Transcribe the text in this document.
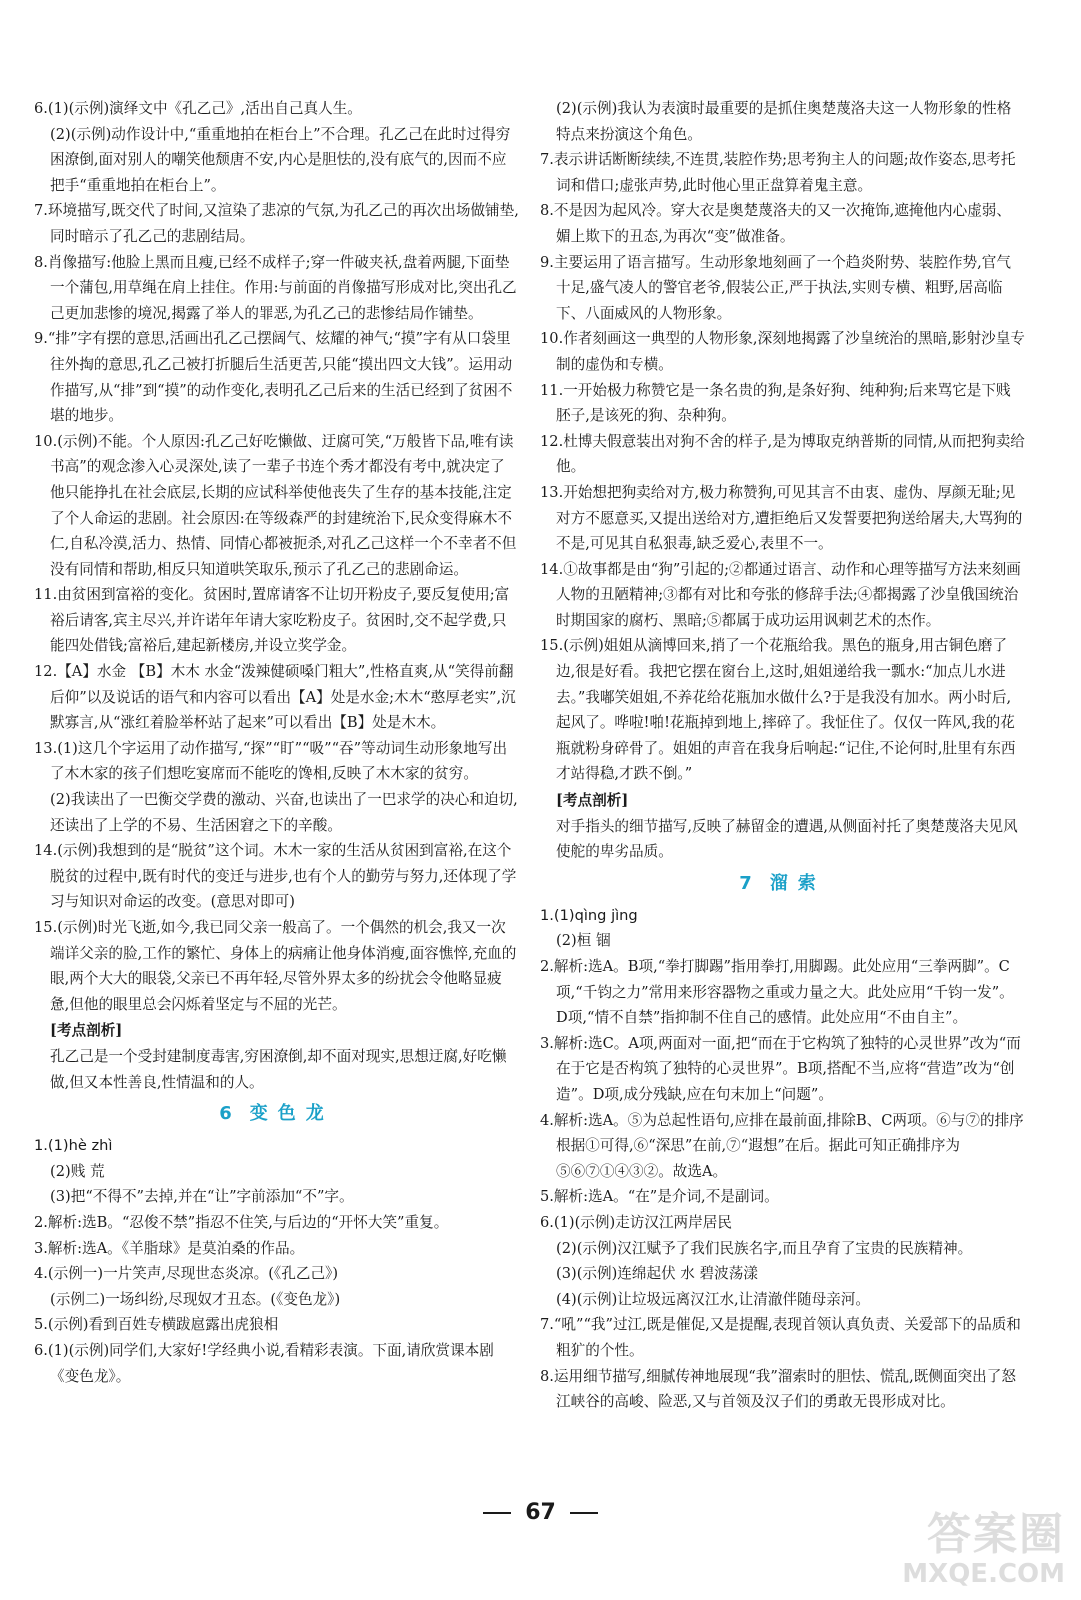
6.(1)(示例)演绎文中《孔乙己》,活出自己真人生。

(2)(示例)动作设计中,“重重地拍在柜台上”不合理。孔乙己在此时过得穷困潦倒,面对别人的嘲笑他颓唐不安,内心是胆怯的,没有底气的,因而不应把手“重重地拍在柜台上”。

7.环境描写,既交代了时间,又渲染了悲凉的气氛,为孔乙己的再次出场做铺垫,同时暗示了孔乙己的悲剧结局。

8.肖像描写:他脸上黑而且瘦,已经不成样子;穿一件破夹袄,盘着两腿,下面垫一个蒲包,用草绳在肩上挂住。作用:与前面的肖像描写形成对比,突出孔乙己更加悲惨的境况,揭露了举人的罪恶,为孔乙己的悲惨结局作铺垫。

9.“排”字有摆的意思,活画出孔乙己摆阔气、炫耀的神气;“摸”字有从口袋里往外掏的意思,孔乙己被打折腿后生活更苦,只能“摸出四文大钱”。运用动作描写,从“排”到“摸”的动作变化,表明孔乙己后来的生活已经到了贫困不堪的地步。

10.(示例)不能。个人原因:孔乙己好吃懒做、迂腐可笑,“万般皆下品,唯有读书高”的观念渗入心灵深处,读了一辈子书连个秀才都没有考中,就决定了他只能挣扎在社会底层,长期的应试科举使他丧失了生存的基本技能,注定了个人命运的悲剧。社会原因:在等级森严的封建统治下,民众变得麻木不仁,自私冷漠,活力、热情、同情心都被扼杀,对孔乙己这样一个不幸者不但没有同情和帮助,相反只知道哄笑取乐,预示了孔乙己的悲剧命运。

11.由贫困到富裕的变化。贫困时,置席请客不让切开粉皮子,要反复使用;富裕后请客,宾主尽兴,并许诺年年请大家吃粉皮子。贫困时,交不起学费,只能四处借钱;富裕后,建起新楼房,并设立奖学金。

12.【A】水金 【B】木木 水金“泼辣健硕嗓门粗大”,性格直爽,从“笑得前翻后仰”以及说话的语气和内容可以看出【A】处是水金;木木“憨厚老实”,沉默寡言,从“涨红着脸举杯站了起来”可以看出【B】处是木木。

13.(1)这几个字运用了动作描写,“探”“盯”“吸”“吞”等动词生动形象地写出了木木家的孩子们想吃宴席而不能吃的馋相,反映了木木家的贫穷。

(2)我读出了一巴衡交学费的激动、兴奋,也读出了一巴求学的决心和迫切,还读出了上学的不易、生活困窘之下的辛酸。

14.(示例)我想到的是“脱贫”这个词。木木一家的生活从贫困到富裕,在这个脱贫的过程中,既有时代的变迁与进步,也有个人的勤劳与努力,还体现了学习与知识对命运的改变。(意思对即可)

15.(示例)时光飞逝,如今,我已同父亲一般高了。一个偶然的机会,我又一次端详父亲的脸,工作的繁忙、身体上的病痛让他身体消瘦,面容憔悴,充血的眼,两个大大的眼袋,父亲已不再年轻,尽管外界太多的纷扰会令他略显疲惫,但他的眼里总会闪烁着坚定与不屈的光芒。

[考点剖析]

孔乙己是一个受封建制度毒害,穷困潦倒,却不面对现实,思想迂腐,好吃懒做,但又本性善良,性情温和的人。

6 变色龙

1.(1)hè zhì

(2)贱 荒

(3)把“不得不”去掉,并在“让”字前添加“不”字。

2.解析:选B。“忍俊不禁”指忍不住笑,与后边的“开怀大笑”重复。

3.解析:选A。《羊脂球》是莫泊桑的作品。

4.(示例一)一片笑声,尽现世态炎凉。(《孔乙己》)

(示例二)一场纠纷,尽现奴才丑态。(《变色龙》)

5.(示例)看到百姓专横跋扈露出虎狼相

6.(1)(示例)同学们,大家好!学经典小说,看精彩表演。下面,请欣赏课本剧《变色龙》。

(2)(示例)我认为表演时最重要的是抓住奥楚蔑洛夫这一人物形象的性格特点来扮演这个角色。

7.表示讲话断断续续,不连贯,装腔作势;思考狗主人的问题;故作姿态,思考托词和借口;虚张声势,此时他心里正盘算着鬼主意。

8.不是因为起风冷。穿大衣是奥楚蔑洛夫的又一次掩饰,遮掩他内心虚弱、媚上欺下的丑态,为再次“变”做准备。

9.主要运用了语言描写。生动形象地刻画了一个趋炎附势、装腔作势,官气十足,盛气凌人的警官老爷,假装公正,严于执法,实则专横、粗野,居高临下、八面威风的人物形象。

10.作者刻画这一典型的人物形象,深刻地揭露了沙皇统治的黑暗,影射沙皇专制的虚伪和专横。

11.一开始极力称赞它是一条名贵的狗,是条好狗、纯种狗;后来骂它是下贱胚子,是该死的狗、杂种狗。

12.杜博夫假意装出对狗不舍的样子,是为博取克纳普斯的同情,从而把狗卖给他。

13.开始想把狗卖给对方,极力称赞狗,可见其言不由衷、虚伪、厚颜无耻;见对方不愿意买,又提出送给对方,遭拒绝后又发誓要把狗送给屠夫,大骂狗的不是,可见其自私狠毒,缺乏爱心,表里不一。

14.①故事都是由“狗”引起的;②都通过语言、动作和心理等描写方法来刻画人物的丑陋精神;③都有对比和夸张的修辞手法;④都揭露了沙皇俄国统治时期国家的腐朽、黑暗;⑤都属于成功运用讽刺艺术的杰作。

15.(示例)姐姐从滴博回来,捎了一个花瓶给我。黑色的瓶身,用古铜色磨了边,很是好看。我把它摆在窗台上,这时,姐姐递给我一瓢水:“加点儿水进去。”我嘟笑姐姐,不养花给花瓶加水做什么?于是我没有加水。两小时后,起风了。哗啦!啪!花瓶掉到地上,摔碎了。我怔住了。仅仅一阵风,我的花瓶就粉身碎骨了。姐姐的声音在我身后响起:“记住,不论何时,肚里有东西才站得稳,才跌不倒。”

[考点剖析]

对手指头的细节描写,反映了赫留金的遭遇,从侧面衬托了奥楚蔑洛夫见风使舵的卑劣品质。

7 溜索

1.(1)qìng jìng

(2)桓 锢

2.解析:选A。B项,“拳打脚踢”指用拳打,用脚踢。此处应用“三拳两脚”。C项,“千钧之力”常用来形容器物之重或力量之大。此处应用“千钧一发”。D项,“情不自禁”指抑制不住自己的感情。此处应用“不由自主”。

3.解析:选C。A项,两面对一面,把“而在于它构筑了独特的心灵世界”改为“而在于它是否构筑了独特的心灵世界”。B项,搭配不当,应将“营造”改为“创造”。D项,成分残缺,应在句末加上“问题”。

4.解析:选A。⑤为总起性语句,应排在最前面,排除B、C两项。⑥与⑦的排序根据①可得,⑥“深思”在前,⑦“遐想”在后。据此可知正确排序为⑤⑥⑦①④③②。故选A。

5.解析:选A。“在”是介词,不是副词。

6.(1)(示例)走访汉江两岸居民

(2)(示例)汉江赋予了我们民族名字,而且孕育了宝贵的民族精神。

(3)(示例)连绵起伏 水 碧波荡漾

(4)(示例)让垃圾远离汉江水,让清澈伴随母亲河。

7.“吼”“我”过江,既是催促,又是提醒,表现首领认真负责、关爱部下的品质和粗犷的个性。

8.运用细节描写,细腻传神地展现“我”溜索时的胆怯、慌乱,既侧面突出了怒江峡谷的高峻、险恶,又与首领及汉子们的勇敢无畏形成对比。

67	答案圈
MXQE.COM
